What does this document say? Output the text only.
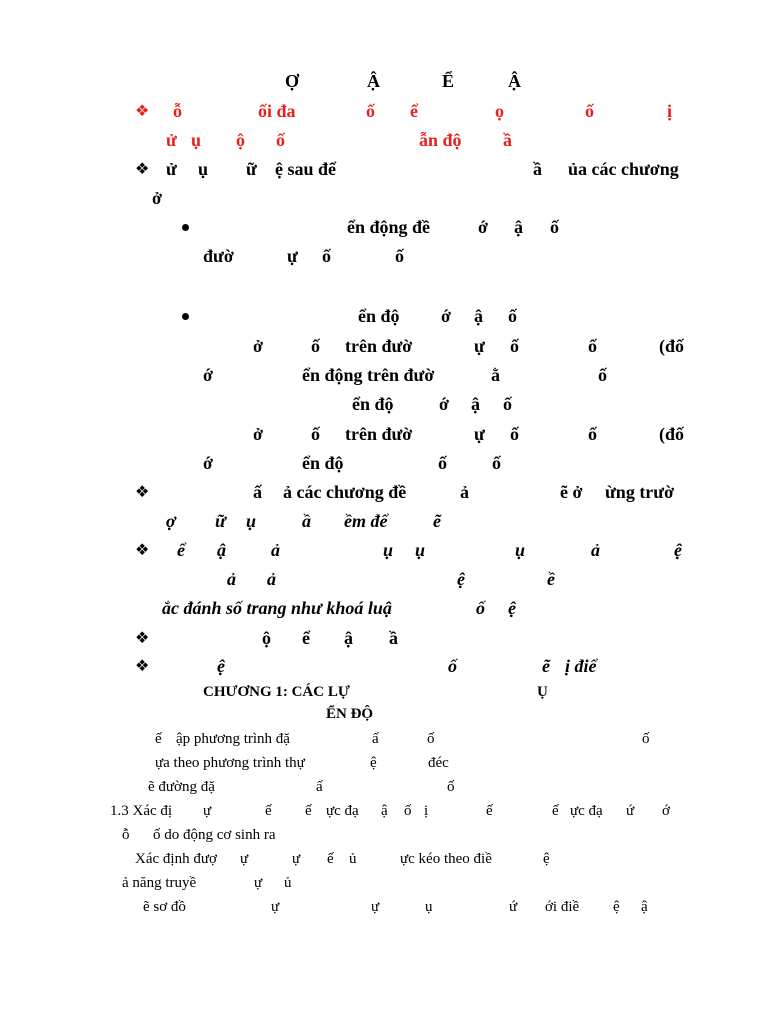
Ợ	Ậ	Ể	Ậ
❖ ỗ	ối đa	ố ể	ọ	ố	ị
ử ụ ộ ố	ẫn độ ầ
❖ ử ụ ữ ệ sau để	ầ ủa các chương
ở
ển động đề	ớ ậ ố
đườ	ự ố	ố
ển độ ớ ậ ố
ở	ố trên đườ	ự ố	ố	(đố
ớ	ển động trên đườ	ằ	ố
ển độ	ớ ậ ố
ở	ố trên đườ	ự ố	ố	(đố
ớ	ển độ	ố	ố
❖	ấ ả các chương đề	ả	ẽ ở ừng trườ
ợ ữ ụ	ầ ềm để	ẽ
❖ ể ậ	ả	ụ ụ	ụ	ả	ệ
ả ả	ệ	ề
ắc đánh số trang như khoá luậ	ố ệ
❖	ộ ể ậ ầ
❖	ệ	ố	ẽ ị điể
CHƯƠNG 1: CÁC LỰ	Ụ
ỂN ĐỘ
ế ập phương trình đặ	ấ	ố	ố
ựa theo phương trình thự	ệ	đéc
ẽ đường đặ	ấ	ố
1.3 Xác đị ự	ế ế ực đạ ậ ố ị	ế	ế ực đạ ứ ớ
ỗ ố do động cơ sinh ra
Xác định đượ ự	ự ế ủ	ực kéo theo điề	ệ
ả năng truyề	ự ủ
ẽ sơ đồ	ự	ự	ụ	ứ ới điề ệ ậ
